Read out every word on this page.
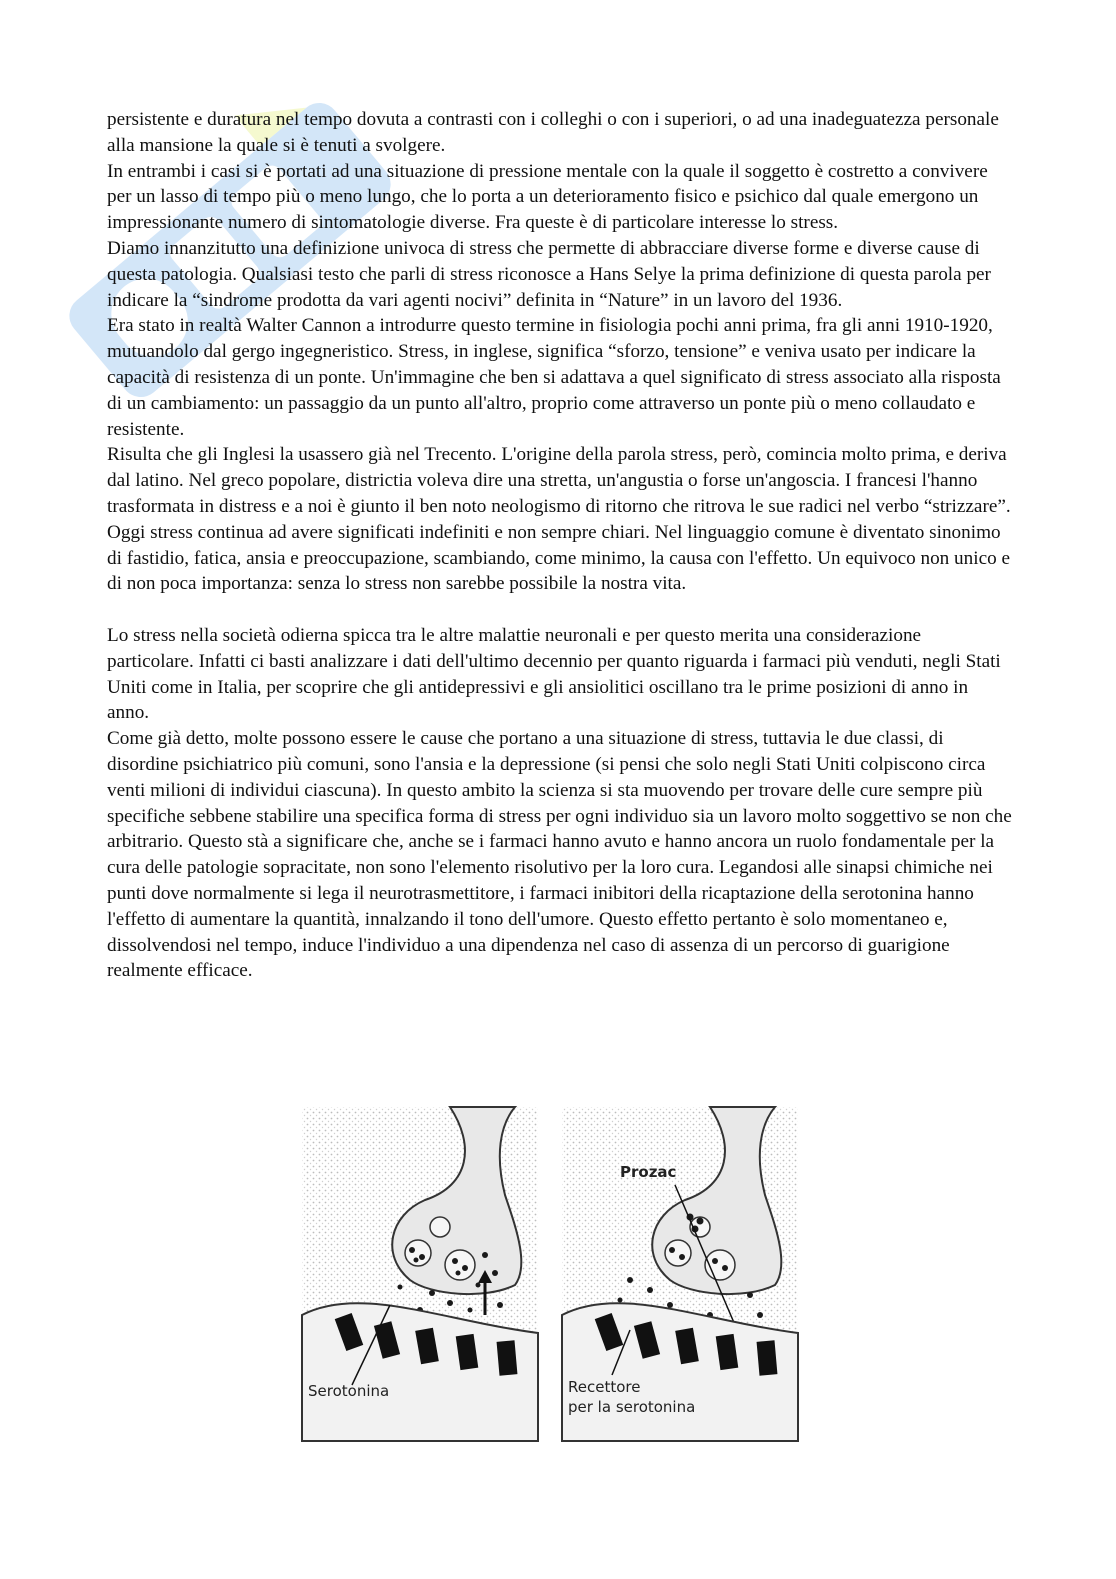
persistente e duratura nel tempo dovuta a contrasti con i colleghi o con i superiori, o ad una inadeguatezza personale alla mansione la quale si è tenuti a svolgere.

In entrambi i casi si è portati ad una situazione di pressione mentale con la quale il soggetto è costretto a convivere per un lasso di tempo più o meno lungo, che lo porta a un deterioramento fisico e psichico dal quale emergono un impressionante numero di sintomatologie diverse. Fra queste è di particolare interesse lo stress.

Diamo innanzitutto una definizione univoca di stress che permette di abbracciare diverse forme e diverse cause di questa patologia. Qualsiasi testo che parli di stress riconosce a Hans Selye la prima definizione di questa parola per indicare la “sindrome prodotta da vari agenti nocivi” definita in “Nature” in un lavoro del 1936.

Era stato in realtà Walter Cannon a introdurre questo termine in fisiologia pochi anni prima, fra gli anni 1910-1920, mutuandolo dal gergo ingegneristico. Stress, in inglese, significa “sforzo, tensione” e veniva usato per indicare la capacità di resistenza di un ponte. Un'immagine che ben si adattava a quel significato di stress associato alla risposta di un cambiamento: un passaggio da un punto all'altro, proprio come attraverso un ponte più o meno collaudato e resistente.

Risulta che gli Inglesi la usassero già nel Trecento. L'origine della parola stress, però, comincia molto prima, e deriva dal latino. Nel greco popolare, districtia voleva dire una stretta, un'angustia o forse un'angoscia. I francesi l'hanno trasformata in distress e a noi è giunto il ben noto neologismo di ritorno che ritrova le sue radici nel verbo “strizzare”. Oggi stress continua ad avere significati indefiniti e non sempre chiari. Nel linguaggio comune è diventato sinonimo di fastidio, fatica, ansia e preoccupazione, scambiando, come minimo, la causa con l'effetto. Un equivoco non unico e di non poca importanza: senza lo stress non sarebbe possibile la nostra vita.

Lo stress nella società odierna spicca tra le altre malattie neuronali e per questo merita una considerazione particolare. Infatti ci basti analizzare i dati dell'ultimo decennio per quanto riguarda i farmaci più venduti, negli Stati Uniti come in Italia, per scoprire che gli antidepressivi e gli ansiolitici oscillano tra le prime posizioni di anno in anno.

Come già detto, molte possono essere le cause che portano a una situazione di stress, tuttavia le due classi, di disordine psichiatrico più comuni, sono l'ansia e la depressione (si pensi che solo negli Stati Uniti colpiscono circa venti milioni di individui ciascuna). In questo ambito la scienza si sta muovendo per trovare delle cure sempre più specifiche sebbene stabilire una specifica forma di stress per ogni individuo sia un lavoro molto soggettivo se non che arbitrario. Questo stà a significare che, anche se i farmaci hanno avuto e hanno ancora un ruolo fondamentale per la cura delle patologie sopracitate, non sono l'elemento risolutivo per la loro cura. Legandosi alle sinapsi chimiche nei punti dove normalmente si lega il neurotrasmettitore, i farmaci inibitori della ricaptazione della serotonina hanno l'effetto di aumentare la quantità, innalzando il tono dell'umore. Questo effetto pertanto è solo momentaneo e, dissolvendosi nel tempo, induce l'individuo a una dipendenza nel caso di assenza di un percorso di guarigione realmente efficace.

Serotonina
Prozac
Recettore
per la serotonina
